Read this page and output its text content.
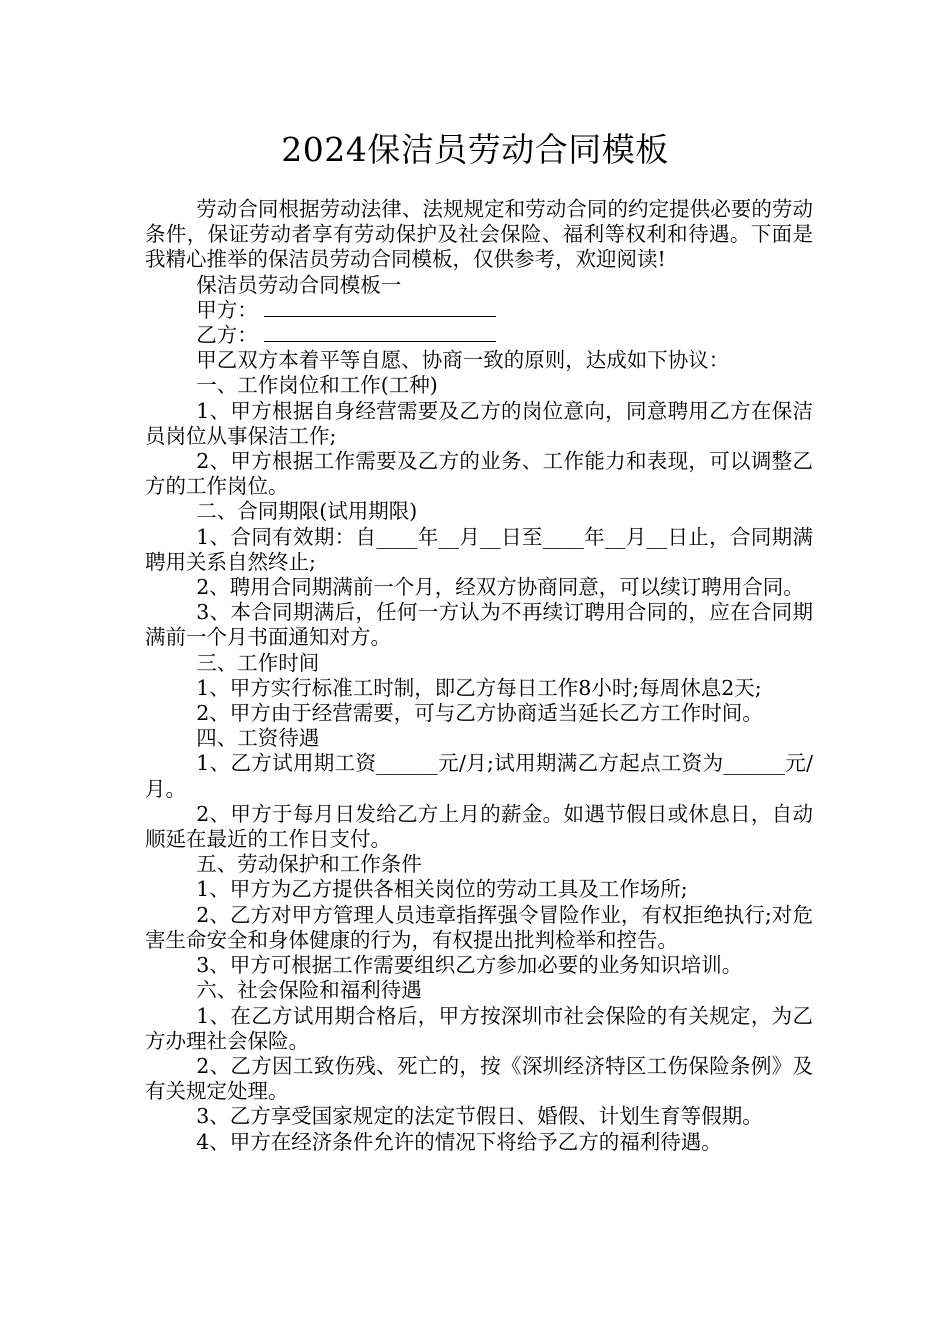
2024保洁员劳动合同模板

劳动合同根据劳动法律、法规规定和劳动合同的约定提供必要的劳动条件，保证劳动者享有劳动保护及社会保险、福利等权利和待遇。下面是我精心推举的保洁员劳动合同模板，仅供参考，欢迎阅读!

保洁员劳动合同模板一

甲方：

乙方：

甲乙双方本着平等自愿、协商一致的原则，达成如下协议：

一、工作岗位和工作(工种)

1、甲方根据自身经营需要及乙方的岗位意向，同意聘用乙方在保洁员岗位从事保洁工作;

2、甲方根据工作需要及乙方的业务、工作能力和表现，可以调整乙方的工作岗位。

二、合同期限(试用期限)

1、合同有效期：自____年__月__日至____年__月__日止，合同期满聘用关系自然终止;

2、聘用合同期满前一个月，经双方协商同意，可以续订聘用合同。

3、本合同期满后，任何一方认为不再续订聘用合同的，应在合同期满前一个月书面通知对方。

三、工作时间

1、甲方实行标准工时制，即乙方每日工作8小时;每周休息2天;

2、甲方由于经营需要，可与乙方协商适当延长乙方工作时间。

四、工资待遇

1、乙方试用期工资______元/月;试用期满乙方起点工资为______元/月。

2、甲方于每月日发给乙方上月的薪金。如遇节假日或休息日，自动顺延在最近的工作日支付。

五、劳动保护和工作条件

1、甲方为乙方提供各相关岗位的劳动工具及工作场所;

2、乙方对甲方管理人员违章指挥强令冒险作业，有权拒绝执行;对危害生命安全和身体健康的行为，有权提出批判检举和控告。

3、甲方可根据工作需要组织乙方参加必要的业务知识培训。

六、社会保险和福利待遇

1、在乙方试用期合格后，甲方按深圳市社会保险的有关规定，为乙方办理社会保险。

2、乙方因工致伤残、死亡的，按《深圳经济特区工伤保险条例》及有关规定处理。

3、乙方享受国家规定的法定节假日、婚假、计划生育等假期。

4、甲方在经济条件允许的情况下将给予乙方的福利待遇。
